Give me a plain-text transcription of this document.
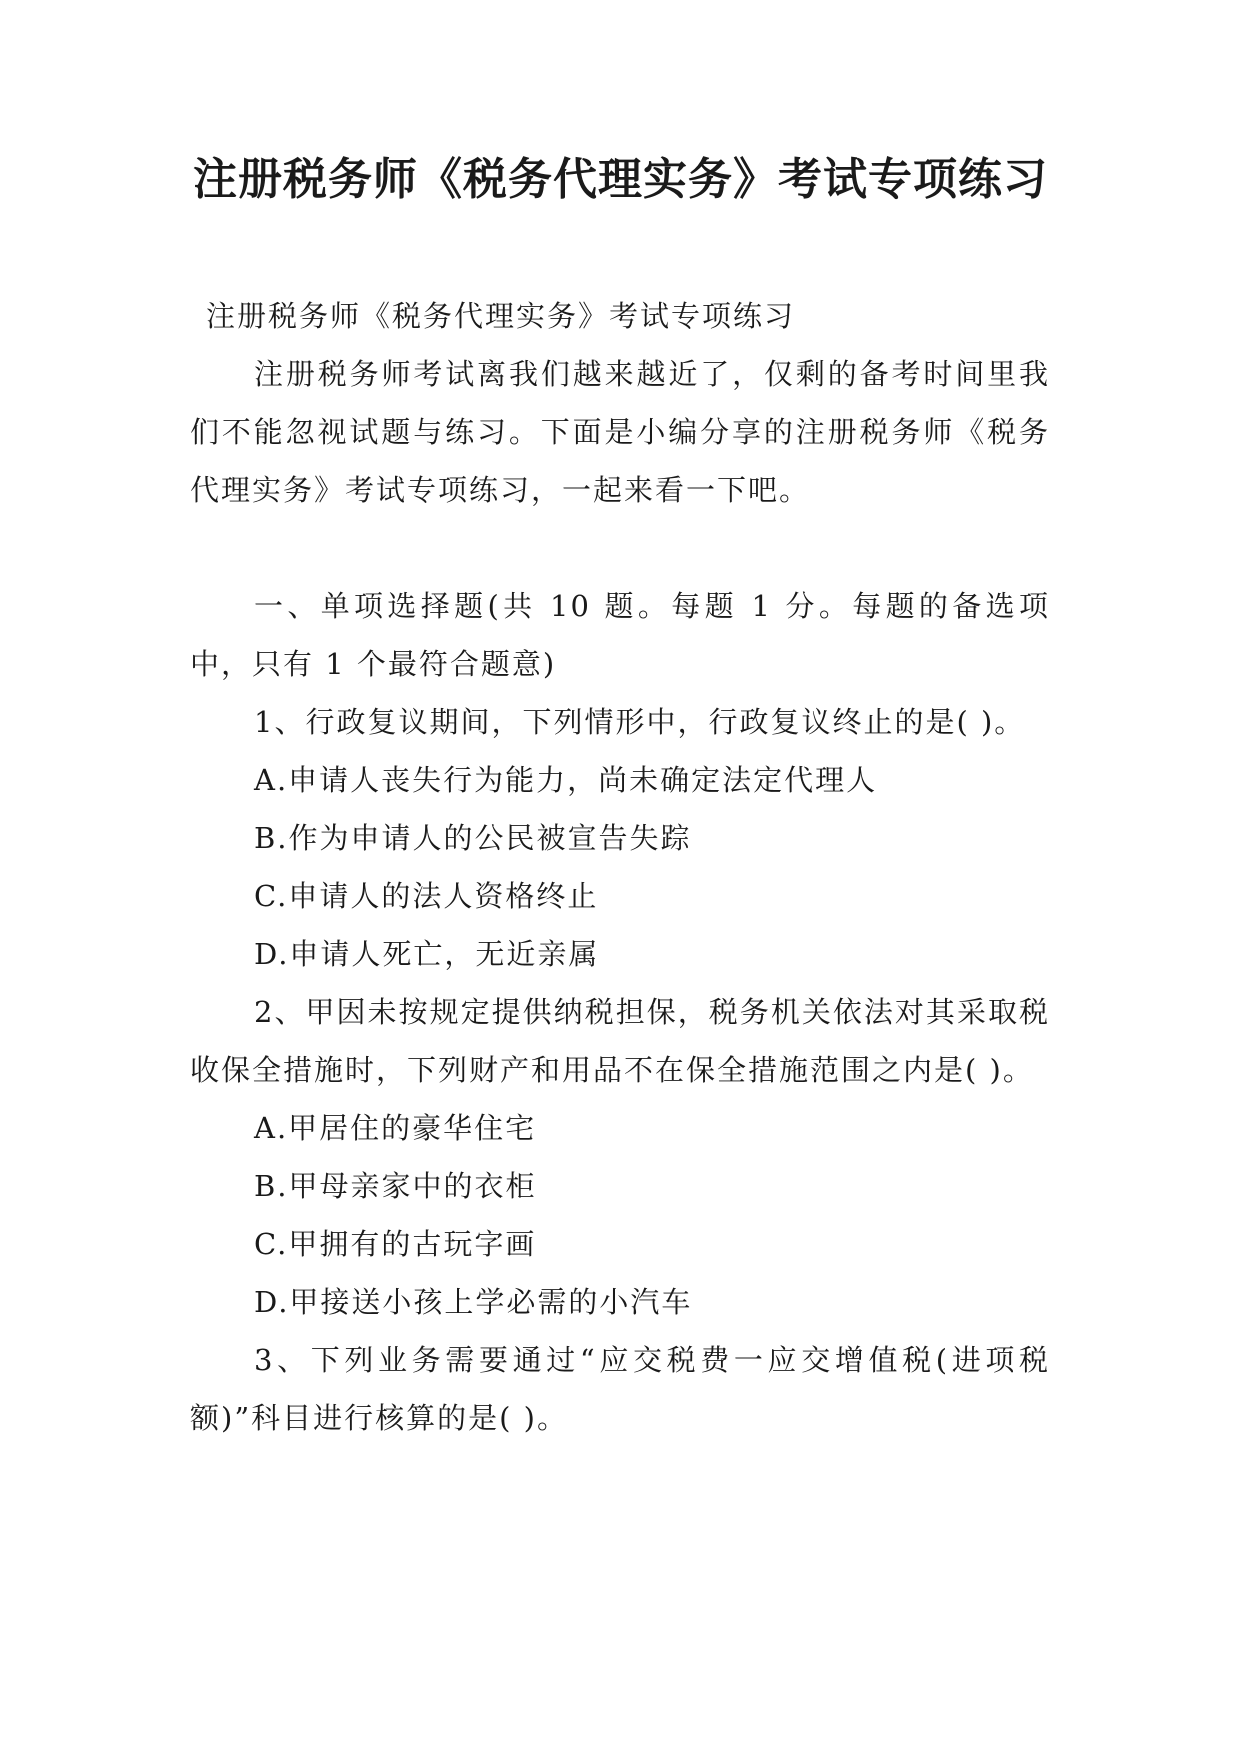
注册税务师《税务代理实务》考试专项练习

注册税务师《税务代理实务》考试专项练习

注册税务师考试离我们越来越近了，仅剩的备考时间里我们不能忽视试题与练习。下面是小编分享的注册税务师《税务代理实务》考试专项练习，一起来看一下吧。

一、单项选择题(共 10 题。每题 1 分。每题的备选项中，只有 1 个最符合题意)

1、行政复议期间，下列情形中，行政复议终止的是( )。

A.申请人丧失行为能力，尚未确定法定代理人

B.作为申请人的公民被宣告失踪

C.申请人的法人资格终止

D.申请人死亡，无近亲属

2、甲因未按规定提供纳税担保，税务机关依法对其采取税收保全措施时，下列财产和用品不在保全措施范围之内是( )。

A.甲居住的豪华住宅

B.甲母亲家中的衣柜

C.甲拥有的古玩字画

D.甲接送小孩上学必需的小汽车

3、下列业务需要通过“应交税费一应交增值税(进项税额)”科目进行核算的是( )。
